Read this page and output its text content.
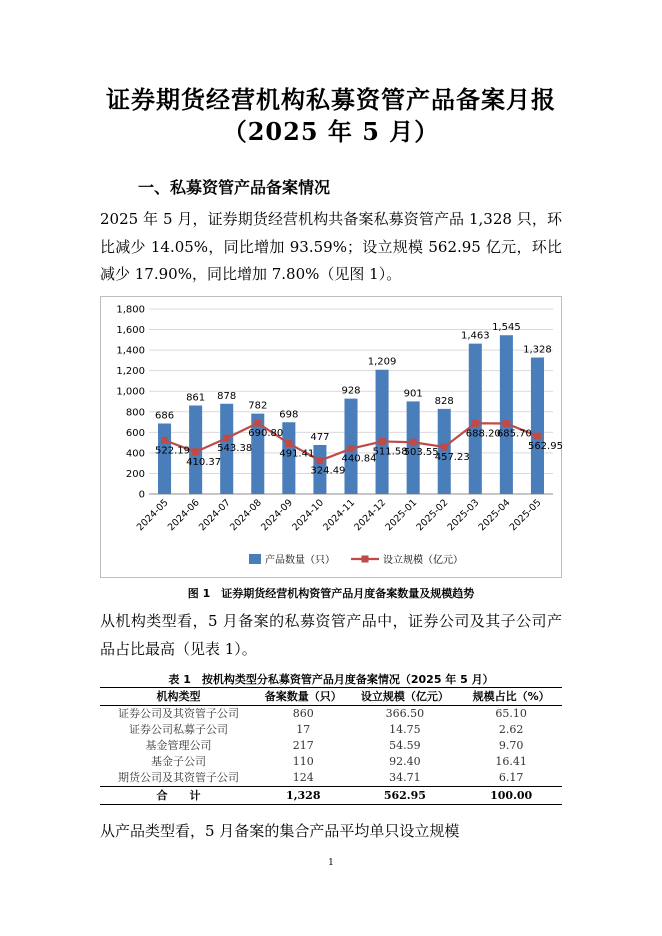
证券期货经营机构私募资管产品备案月报
（2025 年 5 月）
一、私募资管产品备案情况

2025 年 5 月，证券期货经营机构共备案私募资管产品 1,328 只，环比减少 14.05%，同比增加 93.59%；设立规模 562.95 亿元，环比减少 17.90%，同比增加 7.80%（见图 1）。

0
200
400
600
800
1,000
1,200
1,400
1,600
1,800
686
861 878
782
698
477
928
1,209
901
828
1,463
1,545
1,328
522.19
410.37
543.38
690.80
491.41
324.49
440.84
511.58
503.55
457.23
688.20
685.70
562.95
2024-05
2024-06
2024-07
2024-08
2024-09
2024-10
2024-11
2024-12
2025-01
2025-02
2025-03
2025-04
2025-05
产品数量（只）	设立规模（亿元）
图 1　证券期货经营机构资管产品月度备案数量及规模趋势

从机构类型看，5 月备案的私募资管产品中，证券公司及其子公司产品占比最高（见表 1）。

表 1　按机构类型分私募资管产品月度备案情况（2025 年 5 月）
机构类型	备案数量（只）	设立规模（亿元）	规模占比（%）
证券公司及其资管子公司	860	366.50	65.10
证券公司私募子公司	17	14.75	2.62
基金管理公司	217	54.59	9.70
基金子公司	110	92.40	16.41
期货公司及其资管子公司	124	34.71	6.17
合　　计	1,328	562.95	100.00

从产品类型看，5 月备案的集合产品平均单只设立规模

1
